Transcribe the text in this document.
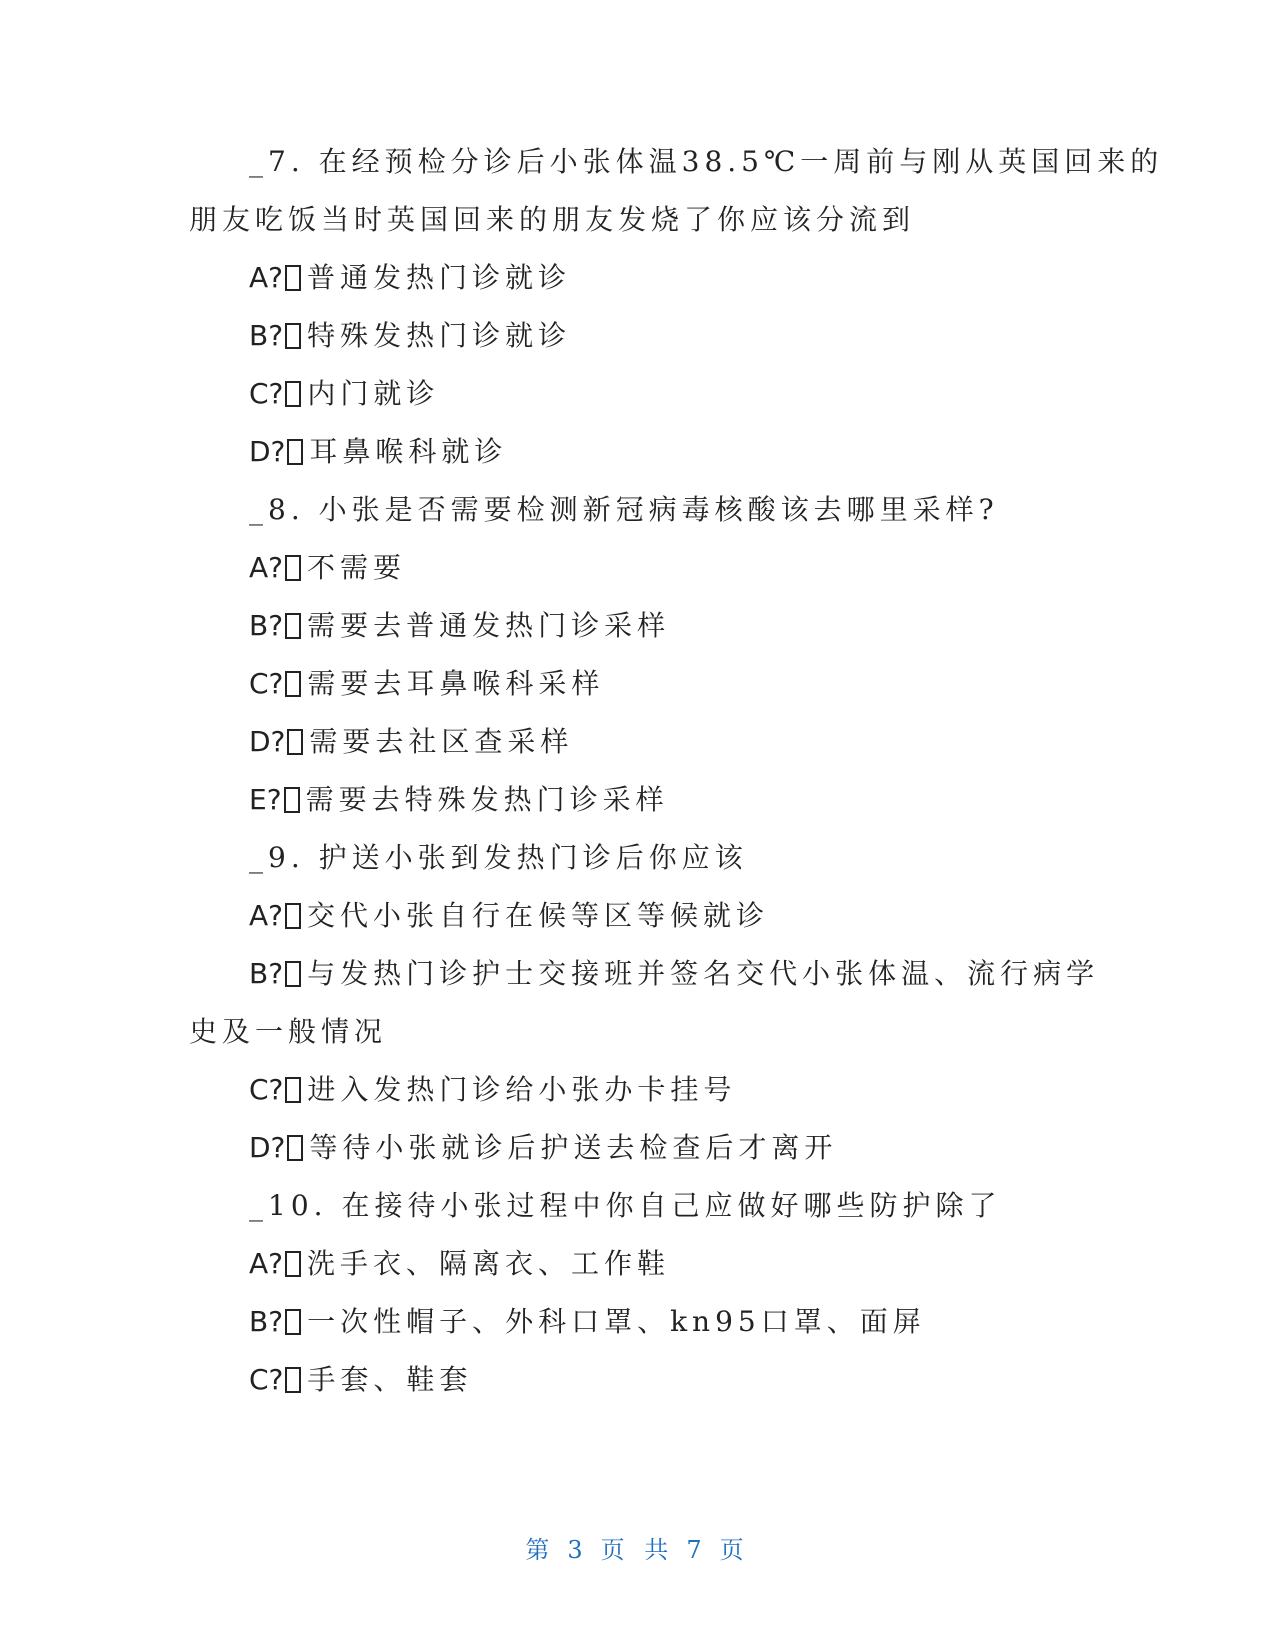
_7. 在经预检分诊后小张体温38.5℃一周前与刚从英国回来的
朋友吃饭当时英国回来的朋友发烧了你应该分流到
A? 普通发热门诊就诊
B? 特殊发热门诊就诊
C? 内门就诊
D? 耳鼻喉科就诊
_8. 小张是否需要检测新冠病毒核酸该去哪里采样?
A? 不需要
B? 需要去普通发热门诊采样
C? 需要去耳鼻喉科采样
D? 需要去社区查采样
E? 需要去特殊发热门诊采样
_9. 护送小张到发热门诊后你应该
A? 交代小张自行在候等区等候就诊
B? 与发热门诊护士交接班并签名交代小张体温、流行病学
史及一般情况
C? 进入发热门诊给小张办卡挂号
D? 等待小张就诊后护送去检查后才离开
_10. 在接待小张过程中你自己应做好哪些防护除了
A? 洗手衣、隔离衣、工作鞋
B? 一次性帽子、外科口罩、kn95口罩、面屏
C? 手套、鞋套
第 3 页 共 7 页
